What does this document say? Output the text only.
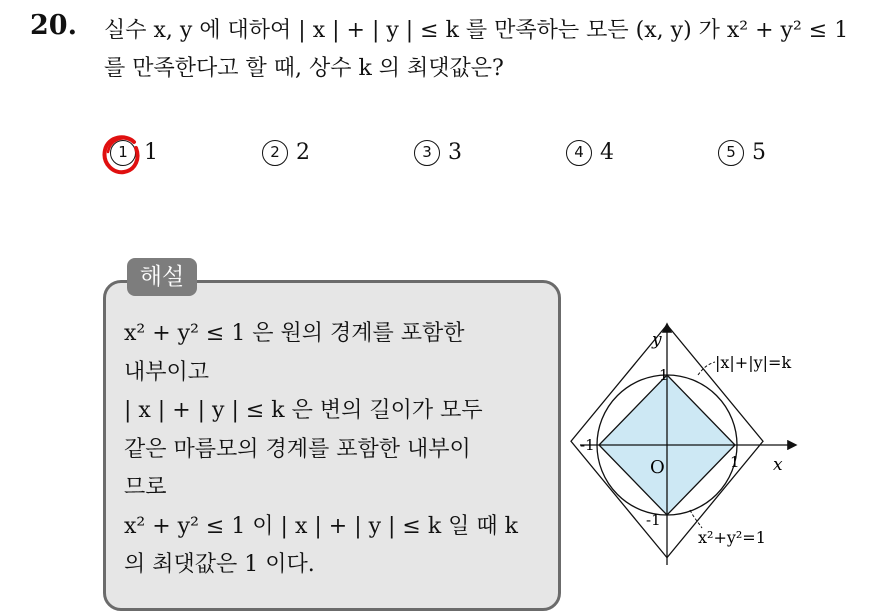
20. 실수 x, y 에 대하여 | x | + | y | ≤ k 를 만족하는 모든 (x, y) 가 x² + y² ≤ 1
를 만족한다고 할 때, 상수 k 의 최댓값은?
1 1	2 2	3 3	4 4	5 5
해설
x² + y² ≤ 1 은 원의 경계를 포함한
내부이고
| x | + | y | ≤ k 은 변의 길이가 모두
같은 마름모의 경계를 포함한 내부이
므로
x² + y² ≤ 1 이 | x | + | y | ≤ k 일 때 k
의 최댓값은 1 이다.
y
x
O
1
1
-1
-1
|x|+|y|=k
x²+y²=1
